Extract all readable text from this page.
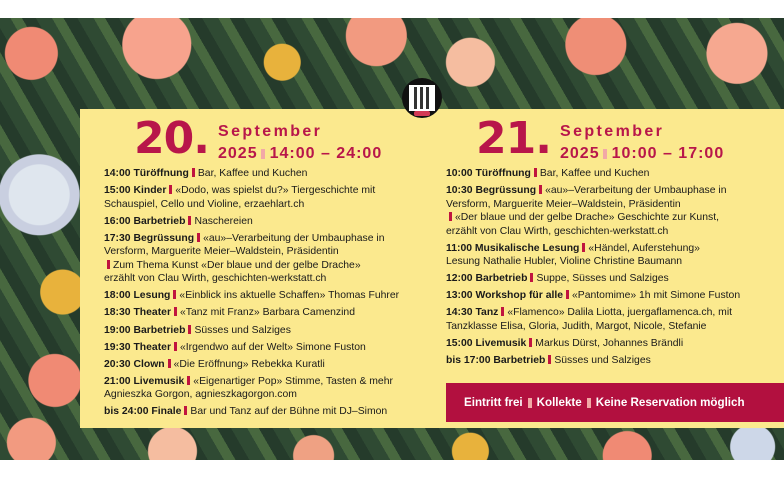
20. September
2025 14:00 – 24:00
14:00 Türöffnung Bar, Kaffee und Kuchen
15:00 Kinder «Dodo, was spielst du?» Tiergeschichte mit
Schauspiel, Cello und Violine, erzaehlart.ch
16:00 Barbetrieb Naschereien
17:30 Begrüssung «au»–Verarbeitung der Umbauphase in
Versform, Marguerite Meier–Waldstein, Präsidentin
Zum Thema Kunst «Der blaue und der gelbe Drache»
erzählt von Clau Wirth, geschichten-werkstatt.ch
18:00 Lesung «Einblick ins aktuelle Schaffen» Thomas Fuhrer
18:30 Theater «Tanz mit Franz» Barbara Camenzind
19:00 Barbetrieb Süsses und Salziges
19:30 Theater «Irgendwo auf der Welt» Simone Fuston
20:30 Clown «Die Eröffnung» Rebekka Kuratli
21:00 Livemusik «Eigenartiger Pop» Stimme, Tasten & mehr
Agnieszka Gorgon, agnieszkagorgon.com
bis 24:00 Finale Bar und Tanz auf der Bühne mit DJ–Simon
21. September
2025 10:00 – 17:00
10:00 Türöffnung Bar, Kaffee und Kuchen
10:30 Begrüssung «au»–Verarbeitung der Umbauphase in
Versform, Marguerite Meier–Waldstein, Präsidentin
«Der blaue und der gelbe Drache» Geschichte zur Kunst,
erzählt von Clau Wirth, geschichten-werkstatt.ch
11:00 Musikalische Lesung «Händel, Auferstehung»
Lesung Nathalie Hubler, Violine Christine Baumann
12:00 Barbetrieb Suppe, Süsses und Salziges
13:00 Workshop für alle «Pantomime» 1h mit Simone Fuston
14:30 Tanz «Flamenco» Dalila Liotta, juergaflamenca.ch, mit
Tanzklasse Elisa, Gloria, Judith, Margot, Nicole, Stefanie
15:00 Livemusik Markus Dürst, Johannes Brändli
bis 17:00 Barbetrieb Süsses und Salziges
Eintritt frei Kollekte Keine Reservation möglich
